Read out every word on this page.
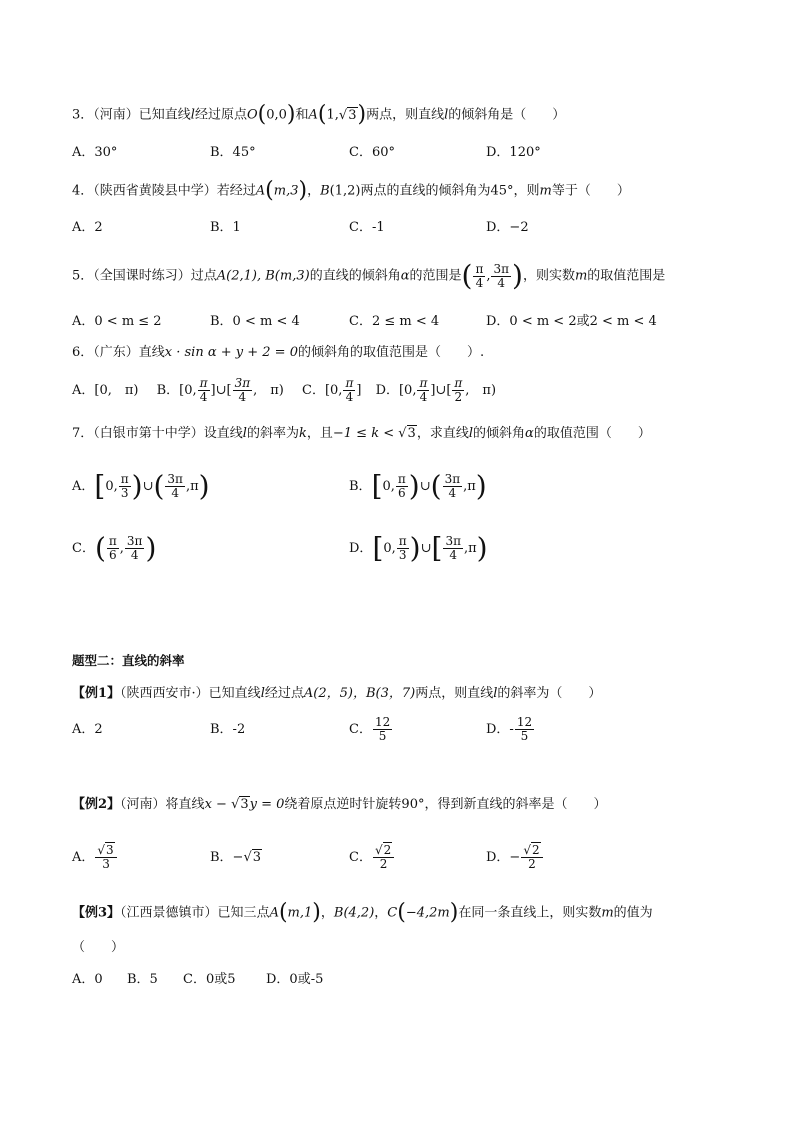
3．（河南）已知直线l经过原点O(0,0)和A(1,√3)两点，则直线l的倾斜角是（　　）
A．30°	B．45°	C．60°	D．120°
4．（陕西省黄陵县中学）若经过A(m,3)，B(1,2)两点的直线的倾斜角为45°，则m等于（　　）
A．2	B．1	C．-1	D．−2
5．（全国课时练习）过点A(2,1), B(m,3)的直线的倾斜角α的范围是( $\frac{\pi}{4}$ , $\frac{3\pi}{4}$ )，则实数m的取值范围是
A．0 < m ≤ 2	B．0 < m < 4	C．2 ≤ m < 4	D．0 < m < 2或2 < m < 4
6．（广东）直线x · sin α + y + 2 = 0的倾斜角的取值范围是（　　）.
A．[0,　π) B．[0, $\frac{\pi}{4}$ ]∪[ $\frac{3\pi}{4}$ ,　π) C．[0, $\frac{\pi}{4}$ ] D．[0, $\frac{\pi}{4}$ ]∪[ $\frac{\pi}{2}$ ,　π)
7．（白银市第十中学）设直线l的斜率为k，且−1 ≤ k < √3，求直线l的倾斜角α的取值范围（　　）
A．[0, $\frac{\pi}{3}$ )∪( $\frac{3\pi}{4} ,\pi$)	B．[0, $\frac{\pi}{6}$ )∪( $\frac{3\pi}{4} ,\pi$)
C．( $\frac{\pi}{6}$ , $\frac{3\pi}{4}$ )	D．[0, $\frac{\pi}{3}$ )∪[ $\frac{3\pi}{4} ,\pi$)
题型二：直线的斜率
【例1】（陕西西安市·）已知直线l经过点A(2，5)，B(3，7)两点，则直线l的斜率为（　　）
A．2	B．-2	C． $\frac{12}{5}$	D．- $\frac{12}{5}$
【例2】（河南）将直线x − √3y = 0绕着原点逆时针旋转90°，得到新直线的斜率是（　　）
A． $\frac{√3}{3}$	B．−√3	C． $\frac{√2}{2}$	D．− $\frac{√2}{2}$
【例3】（江西景德镇市）已知三点A(m,1)，B(4,2)，C(−4,2m)在同一条直线上，则实数m的值为
（　　）
A．0 B．5 C．0或5 D．0或-5
